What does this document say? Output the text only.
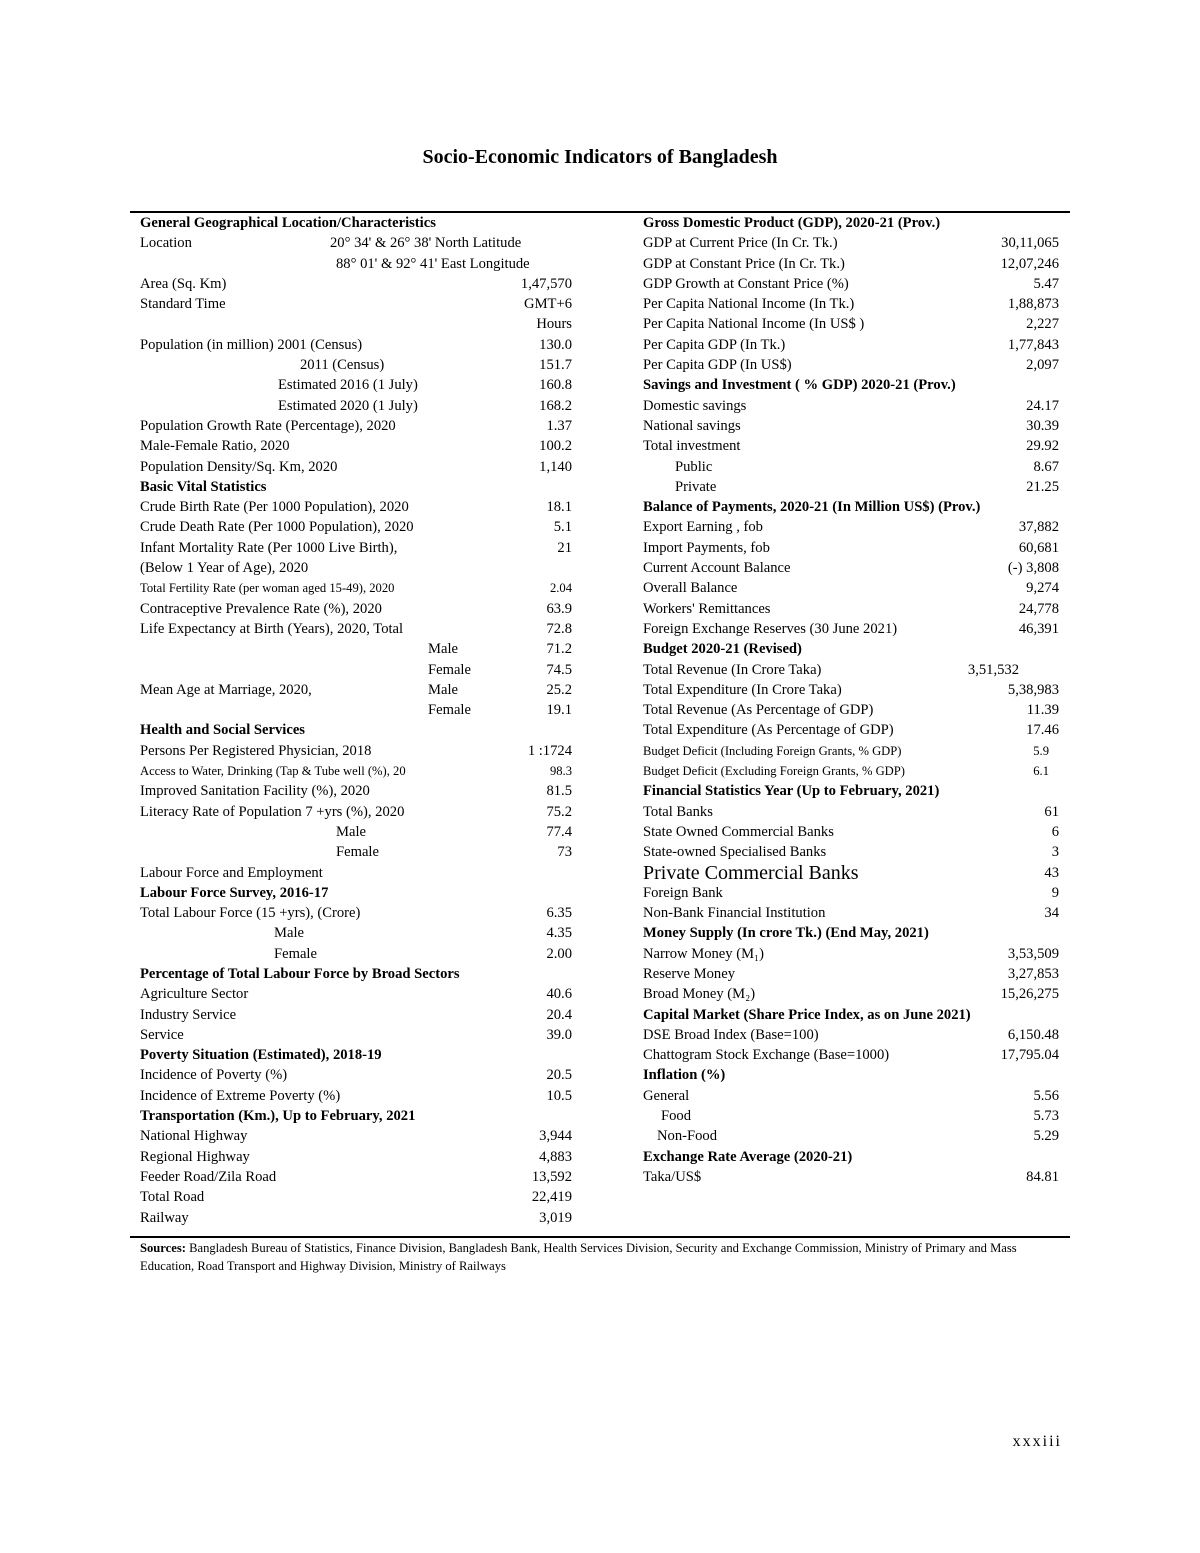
Socio-Economic Indicators of Bangladesh
General Geographical Location/Characteristics
Location	20° 34' & 26° 38' North Latitude
88° 01' & 92° 41' East Longitude
Area (Sq. Km)	1,47,570
Standard Time	GMT+6
Hours
Population (in million) 2001 (Census)	130.0
2011 (Census)	151.7
Estimated 2016 (1 July)	160.8
Estimated 2020 (1 July)	168.2
Population Growth Rate (Percentage), 2020	1.37
Male-Female Ratio, 2020	100.2
Population Density/Sq. Km, 2020	1,140
Basic Vital Statistics
Crude Birth Rate (Per 1000 Population), 2020	18.1
Crude Death Rate (Per 1000 Population), 2020	5.1
Infant Mortality Rate (Per 1000 Live Birth),	21
(Below 1 Year of Age), 2020
Total Fertility Rate (per woman aged 15-49), 2020	2.04
Contraceptive Prevalence Rate (%), 2020	63.9
Life Expectancy at Birth (Years), 2020, Total	72.8
Male	71.2
Female	74.5
Mean Age at Marriage, 2020,	Male	25.2
Female	19.1
Health and Social Services
Persons Per Registered Physician, 2018	1 :1724
Access to Water, Drinking (Tap & Tube well (%), 20	98.3
Improved Sanitation Facility (%), 2020	81.5
Literacy Rate of Population 7 +yrs (%), 2020	75.2
Male	77.4
Female	73
Labour Force and Employment
Labour Force Survey, 2016-17
Total Labour Force (15 +yrs), (Crore)	6.35
Male	4.35
Female	2.00
Percentage of Total Labour Force by Broad Sectors
Agriculture Sector	40.6
Industry Service	20.4
Service	39.0
Poverty Situation (Estimated), 2018-19
Incidence of Poverty (%)	20.5
Incidence of Extreme Poverty (%)	10.5
Transportation (Km.), Up to February, 2021
National Highway	3,944
Regional Highway	4,883
Feeder Road/Zila Road	13,592
Total Road	22,419
Railway	3,019
Gross Domestic Product (GDP), 2020-21 (Prov.)
GDP at Current Price (In Cr. Tk.)	30,11,065
GDP at Constant Price (In Cr. Tk.)	12,07,246
GDP Growth at Constant Price (%)	5.47
Per Capita National Income (In Tk.)	1,88,873
Per Capita National Income (In US$ )	2,227
Per Capita GDP (In Tk.)	1,77,843
Per Capita GDP (In US$)	2,097
Savings and Investment ( % GDP) 2020-21 (Prov.)
Domestic savings	24.17
National savings	30.39
Total investment	29.92
Public	8.67
Private	21.25
Balance of Payments, 2020-21 (In Million US$) (Prov.)
Export Earning , fob	37,882
Import Payments, fob	60,681
Current Account Balance	(-) 3,808
Overall Balance	9,274
Workers' Remittances	24,778
Foreign Exchange Reserves (30 June 2021)	46,391
Budget 2020-21 (Revised)
Total Revenue (In Crore Taka)	3,51,532
Total Expenditure (In Crore Taka)	5,38,983
Total Revenue (As Percentage of GDP)	11.39
Total Expenditure (As Percentage of GDP)	17.46
Budget Deficit (Including Foreign Grants, % GDP)	5.9
Budget Deficit (Excluding Foreign Grants, % GDP)	6.1
Financial Statistics Year (Up to February, 2021)
Total Banks	61
State Owned Commercial Banks	6
State-owned Specialised Banks	3
Private Commercial Banks	43
Foreign Bank	9
Non-Bank Financial Institution	34
Money Supply (In crore Tk.) (End May, 2021)
Narrow Money (M₁)	3,53,509
Reserve Money	3,27,853
Broad Money (M₂)	15,26,275
Capital Market (Share Price Index, as on June 2021)
DSE Broad Index (Base=100)	6,150.48
Chattogram Stock Exchange (Base=1000)	17,795.04
Inflation (%)
General	5.56
Food	5.73
Non-Food	5.29
Exchange Rate Average (2020-21)
Taka/US$	84.81
Sources: Bangladesh Bureau of Statistics, Finance Division, Bangladesh Bank, Health Services Division, Security and Exchange Commission, Ministry of Primary and Mass Education, Road Transport and Highway Division, Ministry of Railways
xxxiii
